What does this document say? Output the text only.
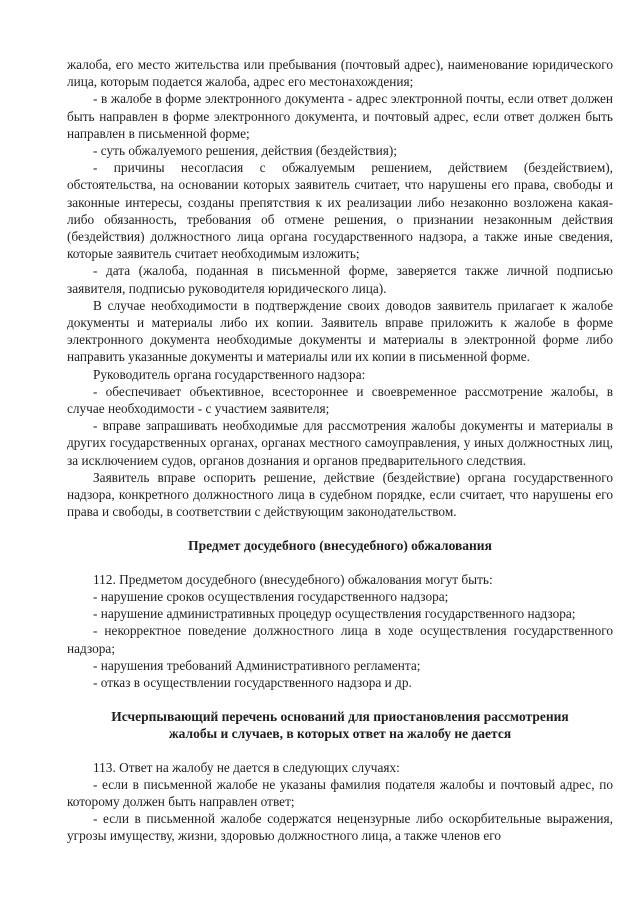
жалоба, его место жительства или пребывания (почтовый адрес), наименование юридического лица, которым подается жалоба, адрес его местонахождения;

- в жалобе в форме электронного документа - адрес электронной почты, если ответ должен быть направлен в форме электронного документа, и почтовый адрес, если ответ должен быть направлен в письменной форме;

- суть обжалуемого решения, действия (бездействия);

- причины несогласия с обжалуемым решением, действием (бездействием), обстоятельства, на основании которых заявитель считает, что нарушены его права, свободы и законные интересы, созданы препятствия к их реализации либо незаконно возложена какая-либо обязанность, требования об отмене решения, о признании незаконным действия (бездействия) должностного лица органа государственного надзора, а также иные сведения, которые заявитель считает необходимым изложить;

- дата (жалоба, поданная в письменной форме, заверяется также личной подписью заявителя, подписью руководителя юридического лица).

В случае необходимости в подтверждение своих доводов заявитель прилагает к жалобе документы и материалы либо их копии. Заявитель вправе приложить к жалобе в форме электронного документа необходимые документы и материалы в электронной форме либо направить указанные документы и материалы или их копии в письменной форме.

Руководитель органа государственного надзора:

- обеспечивает объективное, всестороннее и своевременное рассмотрение жалобы, в случае необходимости - с участием заявителя;

- вправе запрашивать необходимые для рассмотрения жалобы документы и материалы в других государственных органах, органах местного самоуправления, у иных должностных лиц, за исключением судов, органов дознания и органов предварительного следствия.

Заявитель вправе оспорить решение, действие (бездействие) органа государственного надзора, конкретного должностного лица в судебном порядке, если считает, что нарушены его права и свободы, в соответствии с действующим законодательством.

Предмет досудебного (внесудебного) обжалования

112. Предметом досудебного (внесудебного) обжалования могут быть:

- нарушение сроков осуществления государственного надзора;

- нарушение административных процедур осуществления государственного надзора;

- некорректное поведение должностного лица в ходе осуществления государственного надзора;

- нарушения требований Административного регламента;

- отказ в осуществлении государственного надзора и др.

Исчерпывающий перечень оснований для приостановления рассмотрения

жалобы и случаев, в которых ответ на жалобу не дается

113. Ответ на жалобу не дается в следующих случаях:

- если в письменной жалобе не указаны фамилия подателя жалобы и почтовый адрес, по которому должен быть направлен ответ;

- если в письменной жалобе содержатся нецензурные либо оскорбительные выражения, угрозы имуществу, жизни, здоровью должностного лица, а также членов его
